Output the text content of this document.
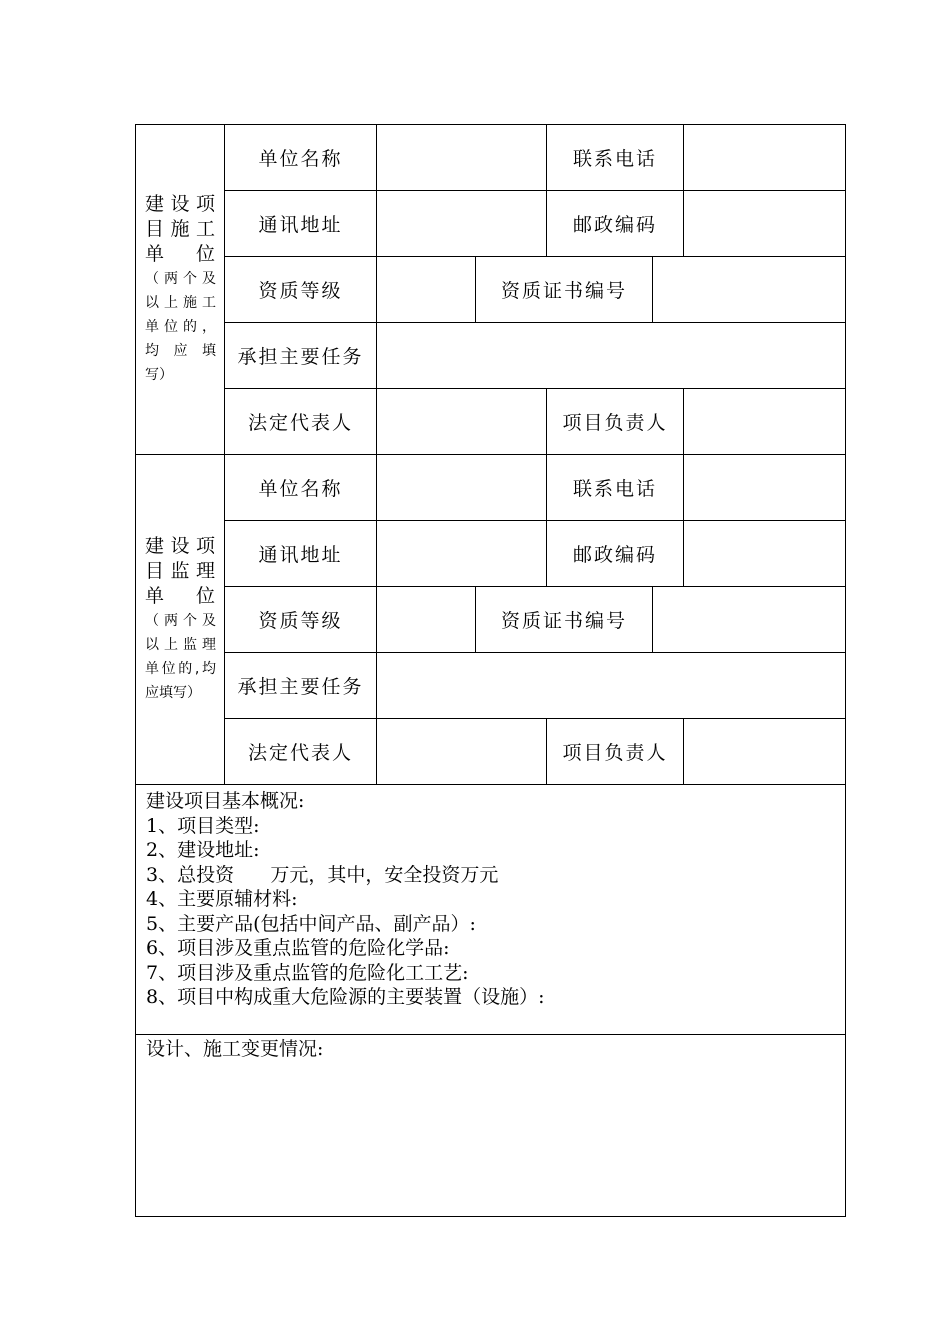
建设项
目施工
单　位
（两个及
以上施工
单位的，
均 应 填
写）
单位名称	联系电话
通讯地址	邮政编码
资质等级	资质证书编号
承担主要任务
法定代表人	项目负责人
建设项
目监理
单　位
（两个及
以上监理
单位的,均
应填写）
单位名称	联系电话
通讯地址	邮政编码
资质等级	资质证书编号
承担主要任务
法定代表人	项目负责人
建设项目基本概况:
1、项目类型:
2、建设地址:
3、总投资      万元，其中，安全投资万元
4、主要原辅材料:
5、主要产品(包括中间产品、副产品）:
6、项目涉及重点监管的危险化学品:
7、项目涉及重点监管的危险化工工艺:
8、项目中构成重大危险源的主要装置（设施）:
设计、施工变更情况:
